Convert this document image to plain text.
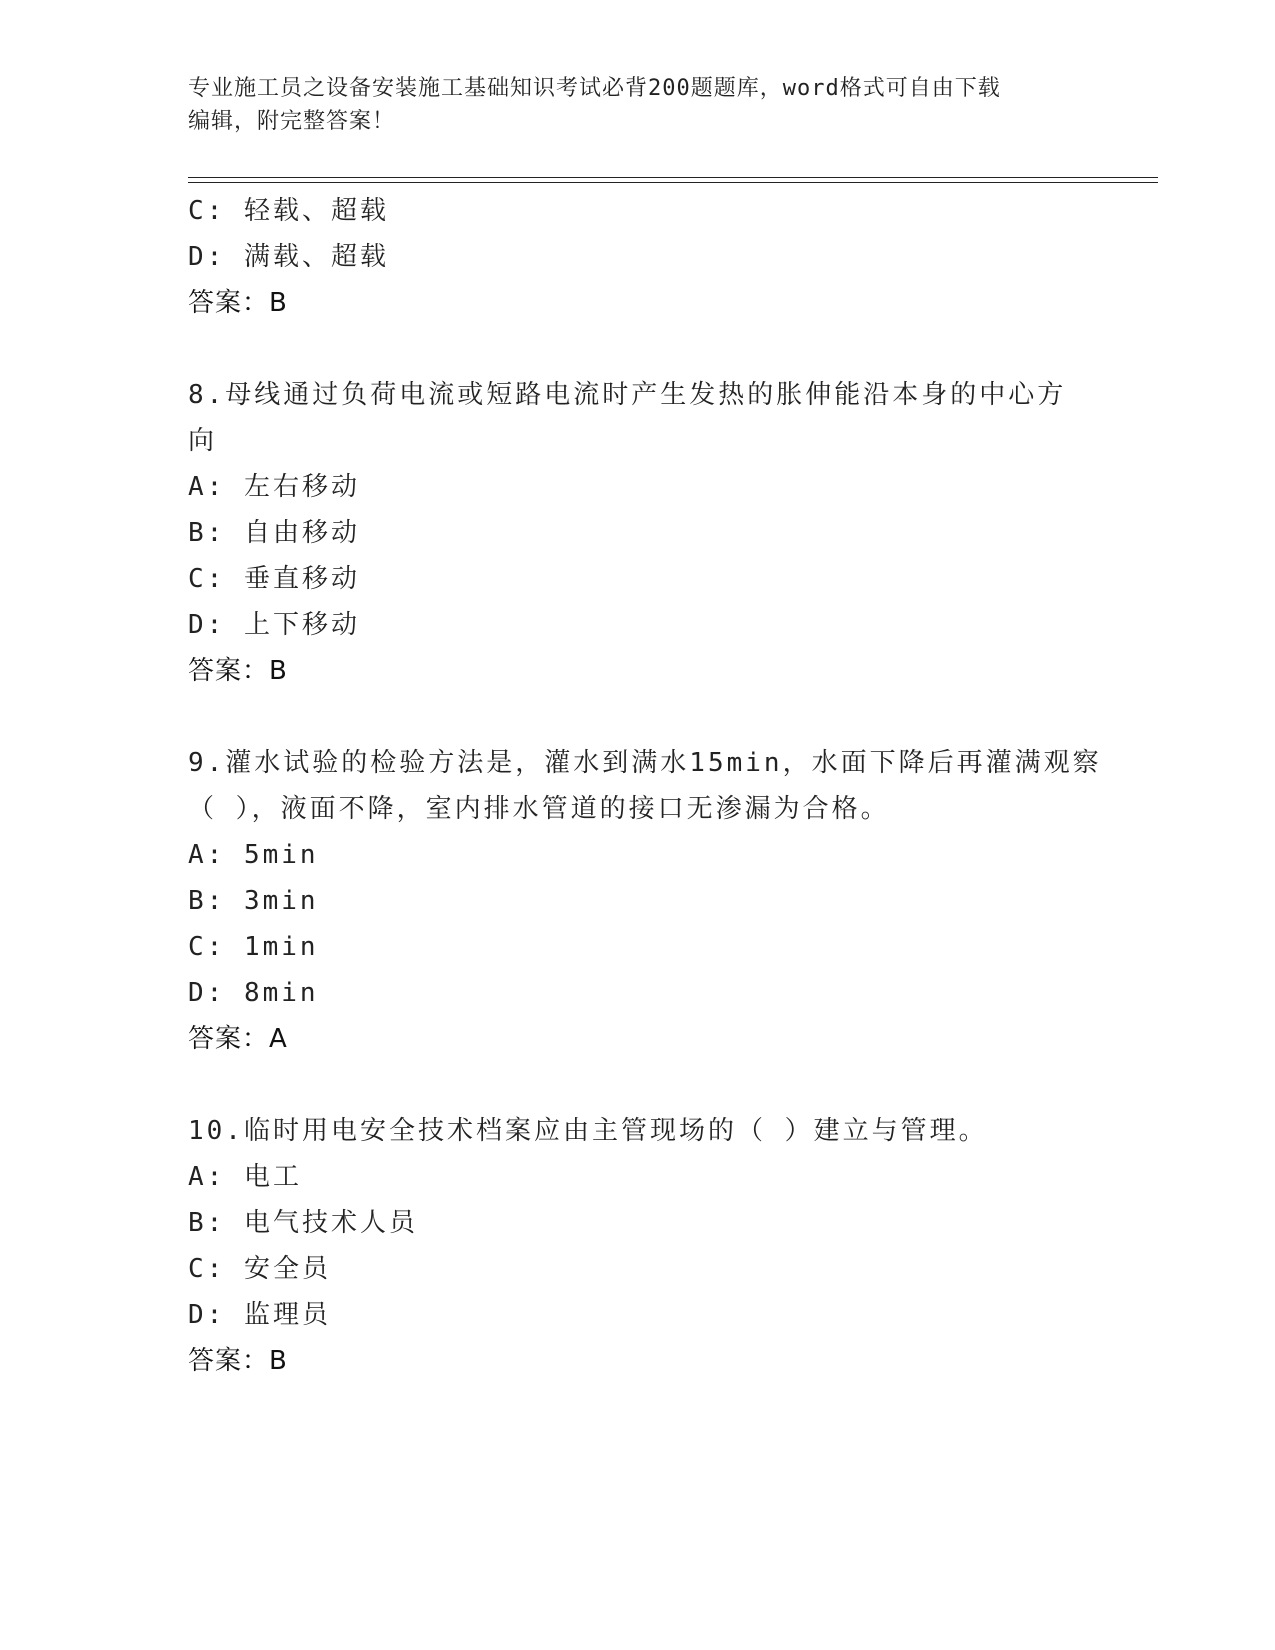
专业施工员之设备安装施工基础知识考试必背200题题库，word格式可自由下载
编辑，附完整答案！
C: 轻载、超载
D: 满载、超载
答案：B
8.母线通过负荷电流或短路电流时产生发热的胀伸能沿本身的中心方
向
A: 左右移动
B: 自由移动
C: 垂直移动
D: 上下移动
答案：B
9.灌水试验的检验方法是，灌水到满水15min，水面下降后再灌满观察
（ ），液面不降，室内排水管道的接口无渗漏为合格。
A: 5min
B: 3min
C: 1min
D: 8min
答案：A
10.临时用电安全技术档案应由主管现场的（ ）建立与管理。
A: 电工
B: 电气技术人员
C: 安全员
D: 监理员
答案：B
